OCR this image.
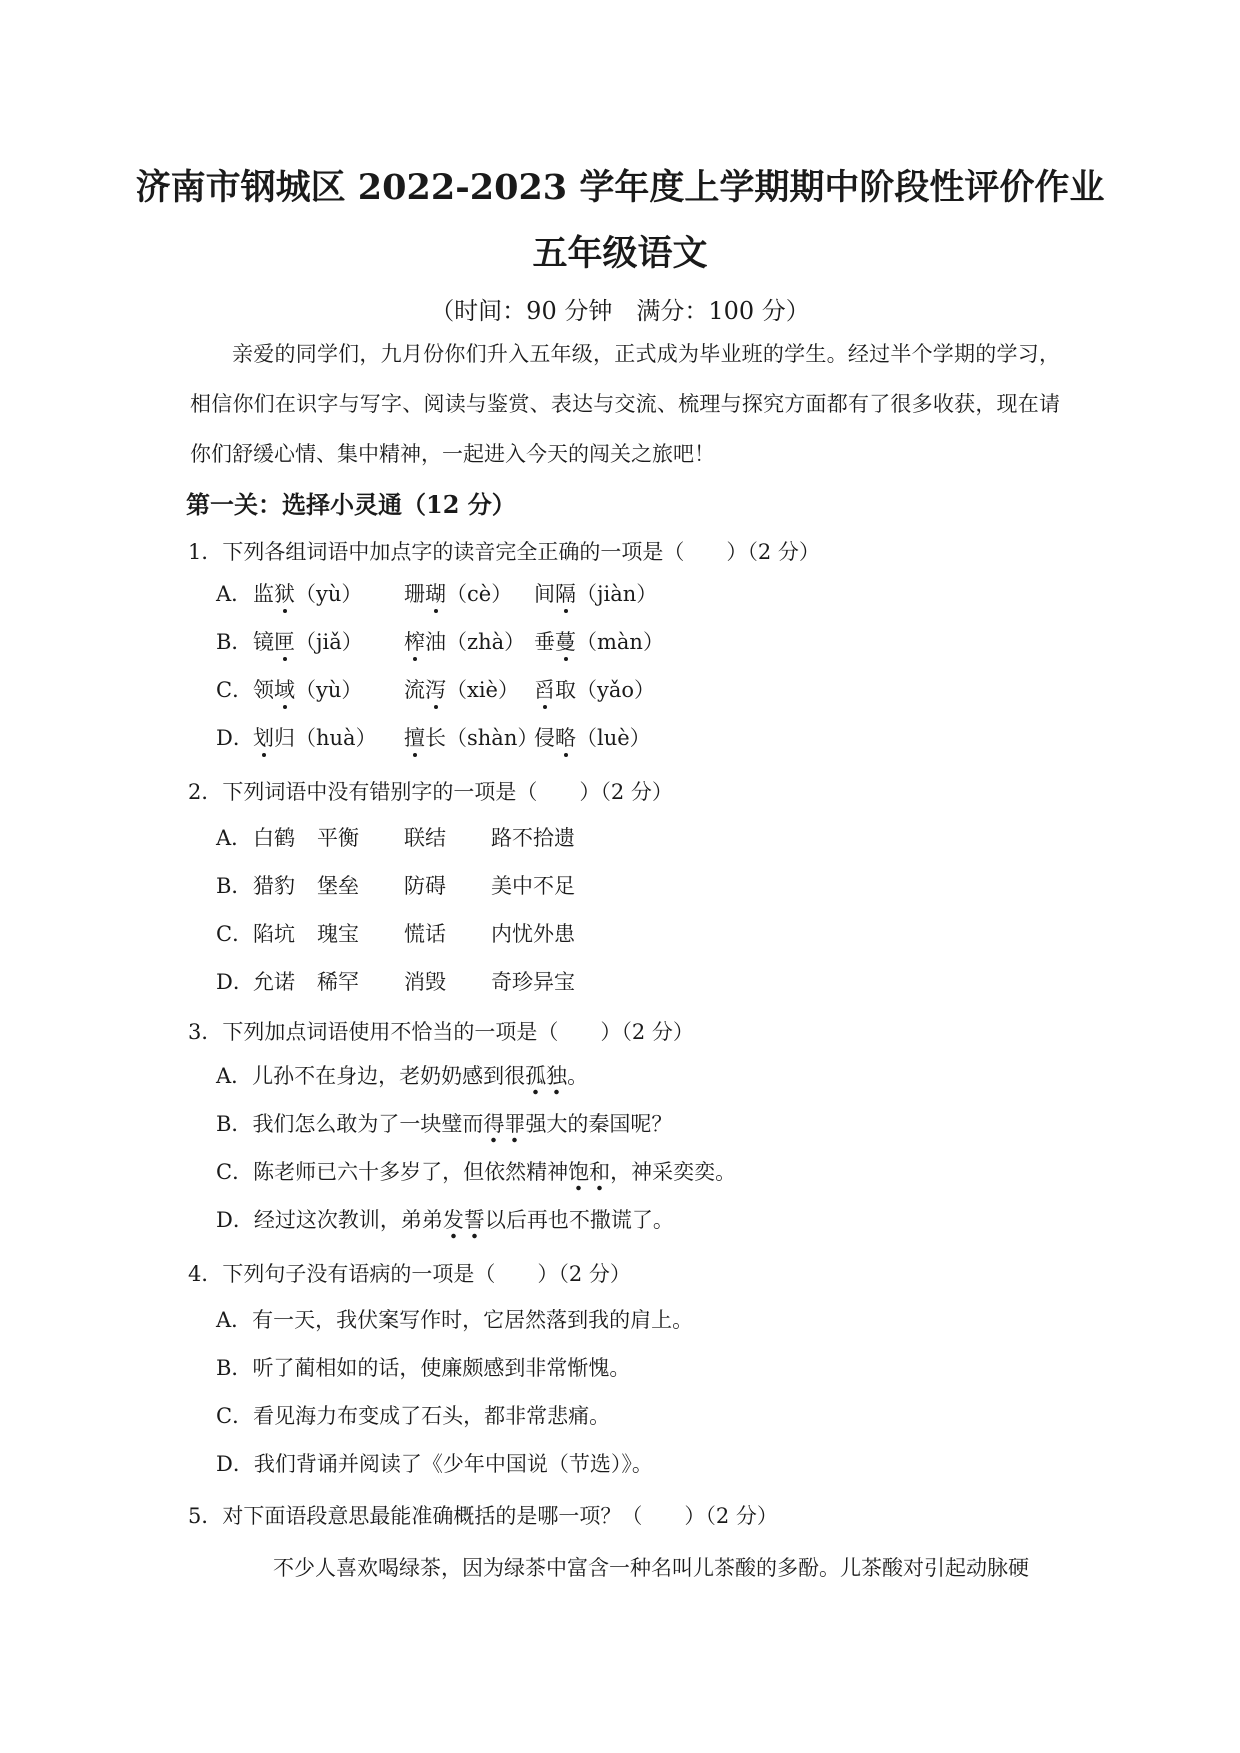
济南市钢城区 2022-2023 学年度上学期期中阶段性评价作业
五年级语文
（时间：90 分钟　满分：100 分）

亲爱的同学们，九月份你们升入五年级，正式成为毕业班的学生。经过半个学期的学习，相信你们在识字与写字、阅读与鉴赏、表达与交流、梳理与探究方面都有了很多收获，现在请你们舒缓心情、集中精神，一起进入今天的闯关之旅吧！

第一关：选择小灵通（12 分）
1．下列各组词语中加点字的读音完全正确的一项是（　　）（2 分）
A． 监狱（yù） 珊瑚（cè） 间隔（jiàn）
B． 镜匣（jiǎ） 榨油（zhà） 垂蔓（màn）
C． 领域（yù） 流泻（xiè） 舀取（yǎo）
D． 划归（huà） 擅长（shàn）
侵略（luè）
2．下列词语中没有错别字的一项是（　　）（2 分）
A． 白鹤 平衡 联结 路不拾遗
B． 猎豹 堡垒 防碍 美中不足
C． 陷坑 瑰宝 慌话 内忧外患
D． 允诺 稀罕 消毁 奇珍异宝
3．下列加点词语使用不恰当的一项是（　　）（2 分）
A．儿孙不在身边，老奶奶感到很孤独。
B．我们怎么敢为了一块璧而得罪强大的秦国呢？
C．陈老师已六十多岁了，但依然精神饱和，神采奕奕。
D．经过这次教训，弟弟发誓以后再也不撒谎了。
4．下列句子没有语病的一项是（　　）（2 分）
A．有一天，我伏案写作时，它居然落到我的肩上。
B．听了蔺相如的话，使廉颇感到非常惭愧。
C．看见海力布变成了石头，都非常悲痛。
D．我们背诵并阅读了《少年中国说（节选）》。
5．对下面语段意思最能准确概括的是哪一项？（　　）（2 分）
不少人喜欢喝绿茶，因为绿茶中富含一种名叫儿茶酸的多酚。儿茶酸对引起动脉硬
